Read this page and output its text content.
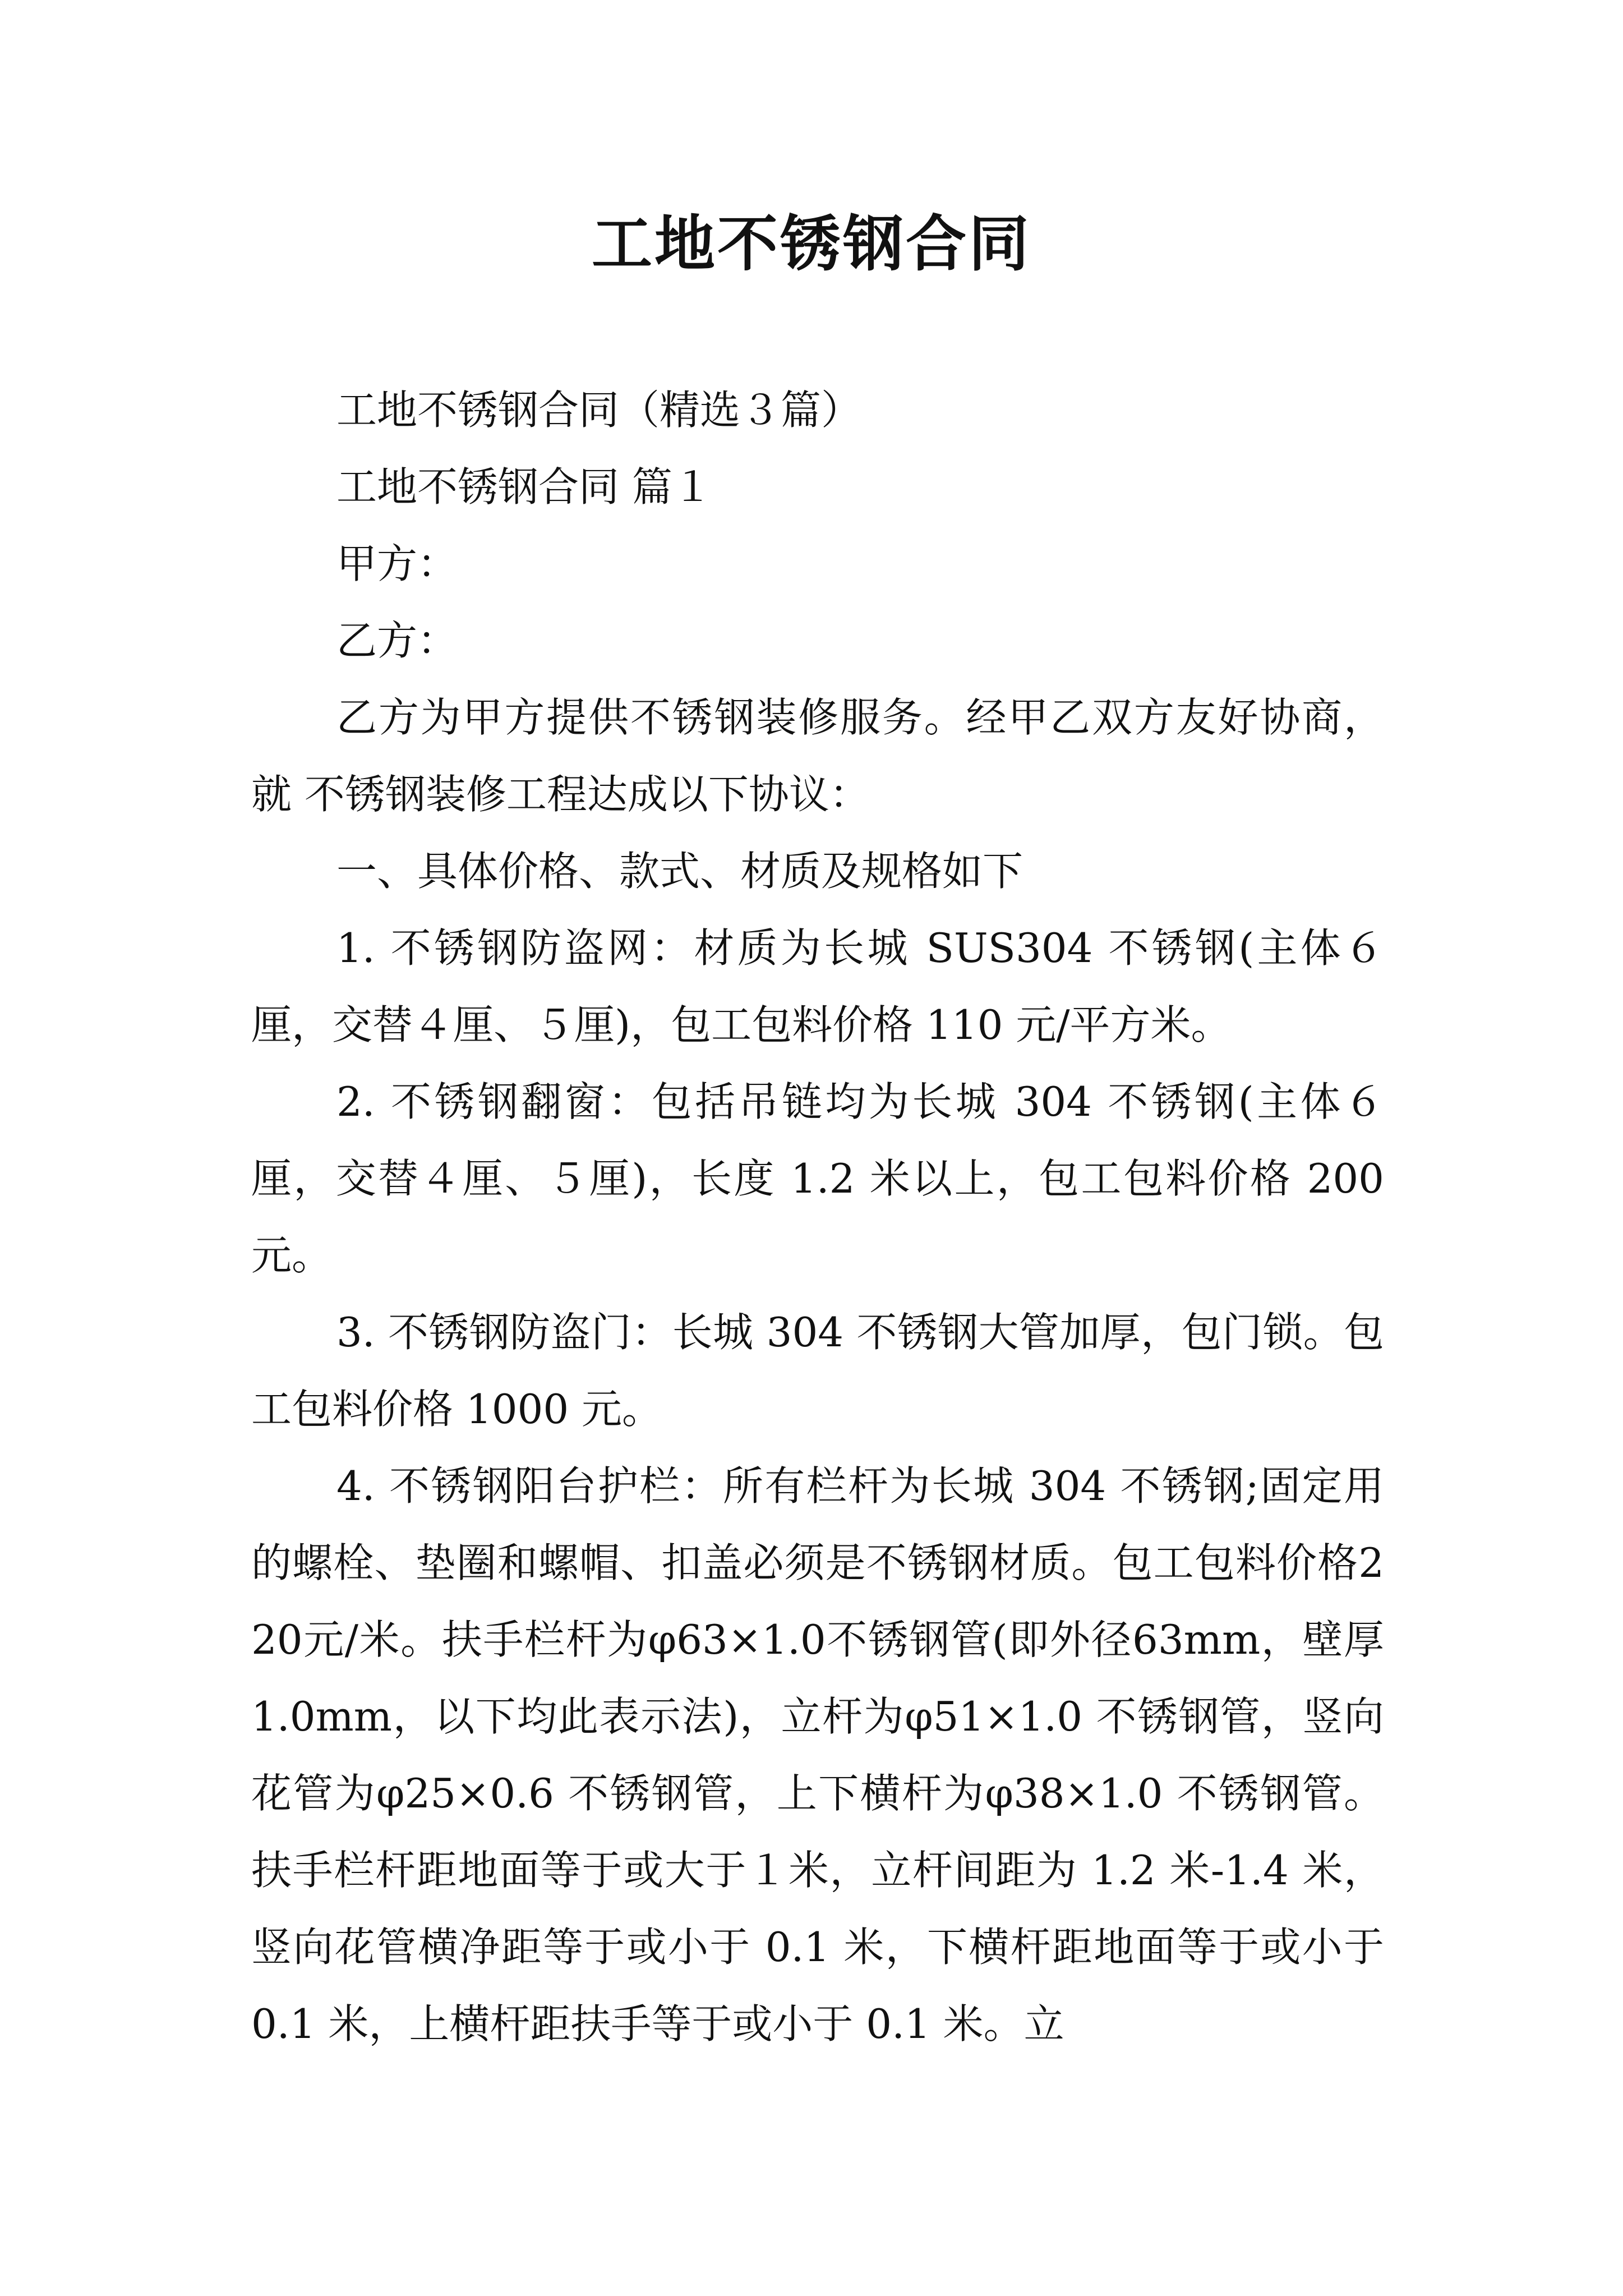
工地不锈钢合同

工地不锈钢合同（精选３篇）

工地不锈钢合同 篇１

甲方：

乙方：

乙方为甲方提供不锈钢装修服务。经甲乙双方友好协商，就 不锈钢装修工程达成以下协议：

一、具体价格、款式、材质及规格如下

1. 不锈钢防盗网：材质为长城 SUS304 不锈钢(主体６厘，交替４厘、５厘)，包工包料价格 110 元/平方米。

2. 不锈钢翻窗：包括吊链均为长城 304 不锈钢(主体６厘，交替４厘、５厘)，长度 1.2 米以上，包工包料价格 200 元。

3. 不锈钢防盗门：长城 304 不锈钢大管加厚，包门锁。包工包料价格 1000 元。

4. 不锈钢阳台护栏：所有栏杆为长城 304 不锈钢;固定用的螺栓、垫圈和螺帽、扣盖必须是不锈钢材质。包工包料价格220元/米。扶手栏杆为φ63×1.0不锈钢管(即外径63mm，壁厚 1.0mm，以下均此表示法)，立杆为φ51×1.0 不锈钢管，竖向花管为φ25×0.6 不锈钢管，上下横杆为φ38×1.0 不锈钢管。扶手栏杆距地面等于或大于１米，立杆间距为 1.2 米-1.4 米，竖向花管横净距等于或小于 0.1 米，下横杆距地面等于或小于 0.1 米，上横杆距扶手等于或小于 0.1 米。立
